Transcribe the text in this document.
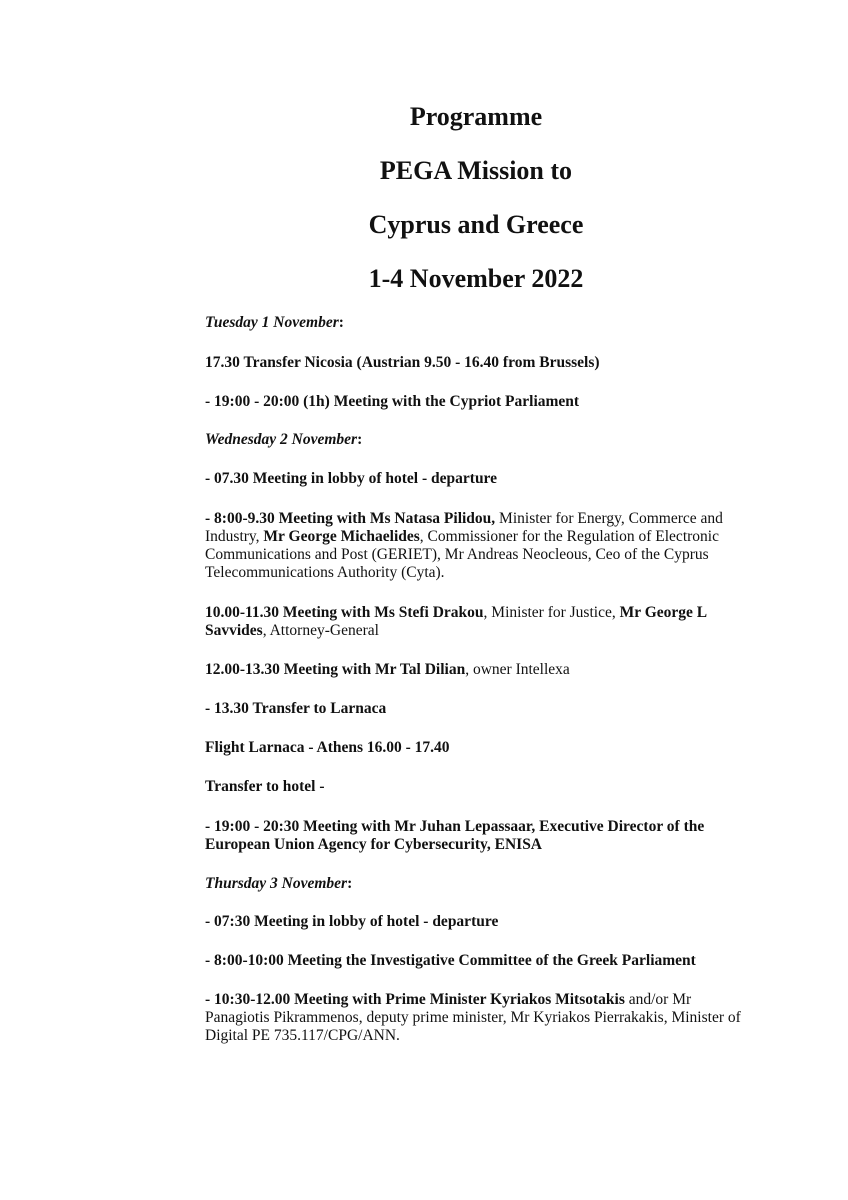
Programme
PEGA Mission to
Cyprus and Greece
1-4 November 2022
Tuesday 1 November:
17.30 Transfer Nicosia (Austrian 9.50 - 16.40 from Brussels)
- 19:00 - 20:00 (1h) Meeting with the Cypriot Parliament
Wednesday 2 November:
- 07.30 Meeting in lobby of hotel - departure
- 8:00-9.30 Meeting with Ms Natasa Pilidou, Minister for Energy, Commerce and Industry, Mr George Michaelides, Commissioner for the Regulation of Electronic Communications and Post (GERIET), Mr Andreas Neocleous, Ceo of the Cyprus Telecommunications Authority (Cyta).
10.00-11.30 Meeting with Ms Stefi Drakou, Minister for Justice, Mr George L Savvides, Attorney-General
12.00-13.30 Meeting with Mr Tal Dilian, owner Intellexa
- 13.30 Transfer to Larnaca
Flight Larnaca - Athens 16.00 - 17.40
Transfer to hotel -
- 19:00 - 20:30 Meeting with Mr Juhan Lepassaar, Executive Director of the European Union Agency for Cybersecurity, ENISA
Thursday 3 November:
- 07:30 Meeting in lobby of hotel - departure
- 8:00-10:00 Meeting the Investigative Committee of the Greek Parliament
- 10:30-12.00 Meeting with Prime Minister Kyriakos Mitsotakis and/or Mr Panagiotis Pikrammenos, deputy prime minister, Mr Kyriakos Pierrakakis, Minister of Digital PE 735.117/CPG/ANN.
